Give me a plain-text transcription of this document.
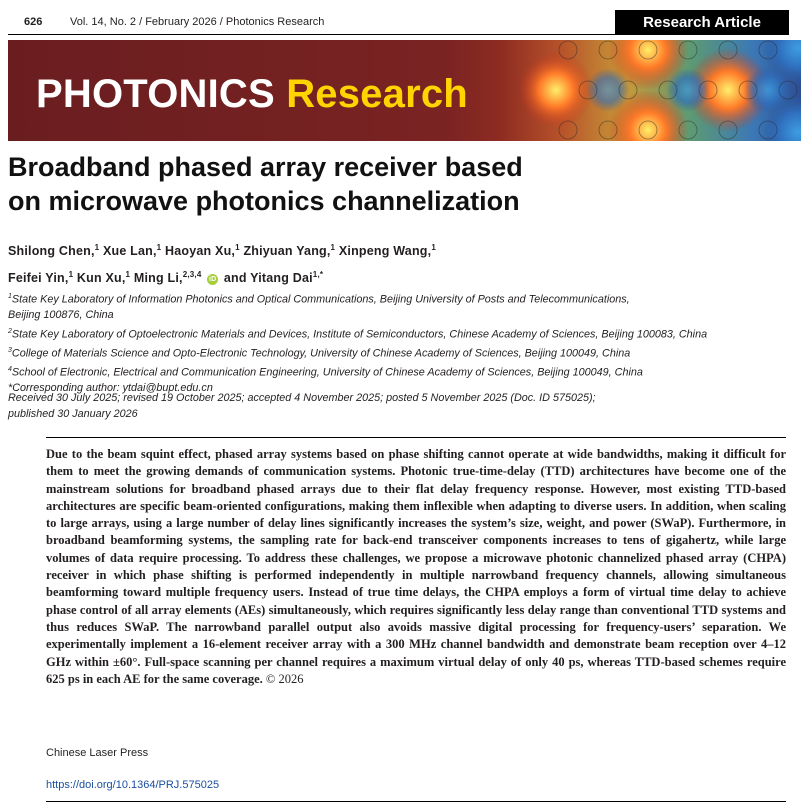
626	Vol. 14, No. 2 / February 2026 / Photonics Research	Research Article
PHOTONICS Research
Broadband phased array receiver based
on microwave photonics channelization
Shilong Chen,$^1$ Xue Lan,$^1$ Haoyan Xu,$^1$ Zhiyuan Yang,$^1$ Xinpeng Wang,$^1$
Feifei Yin,$^1$ Kun Xu,$^1$ Ming Li,$^{2,3,4}$ iD and Yitang Dai$^{1,*}$
$^1$State Key Laboratory of Information Photonics and Optical Communications, Beijing University of Posts and Telecommunications,
Beijing 100876, China
$^2$State Key Laboratory of Optoelectronic Materials and Devices, Institute of Semiconductors, Chinese Academy of Sciences, Beijing 100083, China
$^3$College of Materials Science and Opto-Electronic Technology, University of Chinese Academy of Sciences, Beijing 100049, China
$^4$School of Electronic, Electrical and Communication Engineering, University of Chinese Academy of Sciences, Beijing 100049, China
*Corresponding author: ytdai@bupt.edu.cn
Received 30 July 2025; revised 19 October 2025; accepted 4 November 2025; posted 5 November 2025 (Doc. ID 575025);
published 30 January 2026
Due to the beam squint effect, phased array systems based on phase shifting cannot operate at wide bandwidths, making it difficult for them to meet the growing demands of communication systems. Photonic true-time-delay (TTD) architectures have become one of the mainstream solutions for broadband phased arrays due to their flat delay frequency response. However, most existing TTD-based architectures are specific beam-oriented configurations, making them inflexible when adapting to diverse users. In addition, when scaling to large arrays, using a large number of delay lines significantly increases the system’s size, weight, and power (SWaP). Furthermore, in broadband beamforming systems, the sampling rate for back-end transceiver components increases to tens of gigahertz, while large volumes of data require processing. To address these challenges, we propose a microwave photonic channelized phased array (CHPA) receiver in which phase shifting is performed independently in multiple narrowband frequency channels, allowing simultaneous beamforming toward multiple frequency users. Instead of true time delays, the CHPA employs a form of virtual time delay to achieve phase control of all array elements (AEs) simultaneously, which requires significantly less delay range than conventional TTD systems and thus reduces SWaP. The narrowband parallel output also avoids massive digital processing for frequency-users’ separation. We experimentally implement a 16-element receiver array with a 300 MHz channel bandwidth and demonstrate beam reception over 4–12 GHz within ±60°. Full-space scanning per channel requires a maximum virtual delay of only 40 ps, whereas TTD-based schemes require 625 ps in each AE for the same coverage. © 2026
Chinese Laser Press
https://doi.org/10.1364/PRJ.575025
